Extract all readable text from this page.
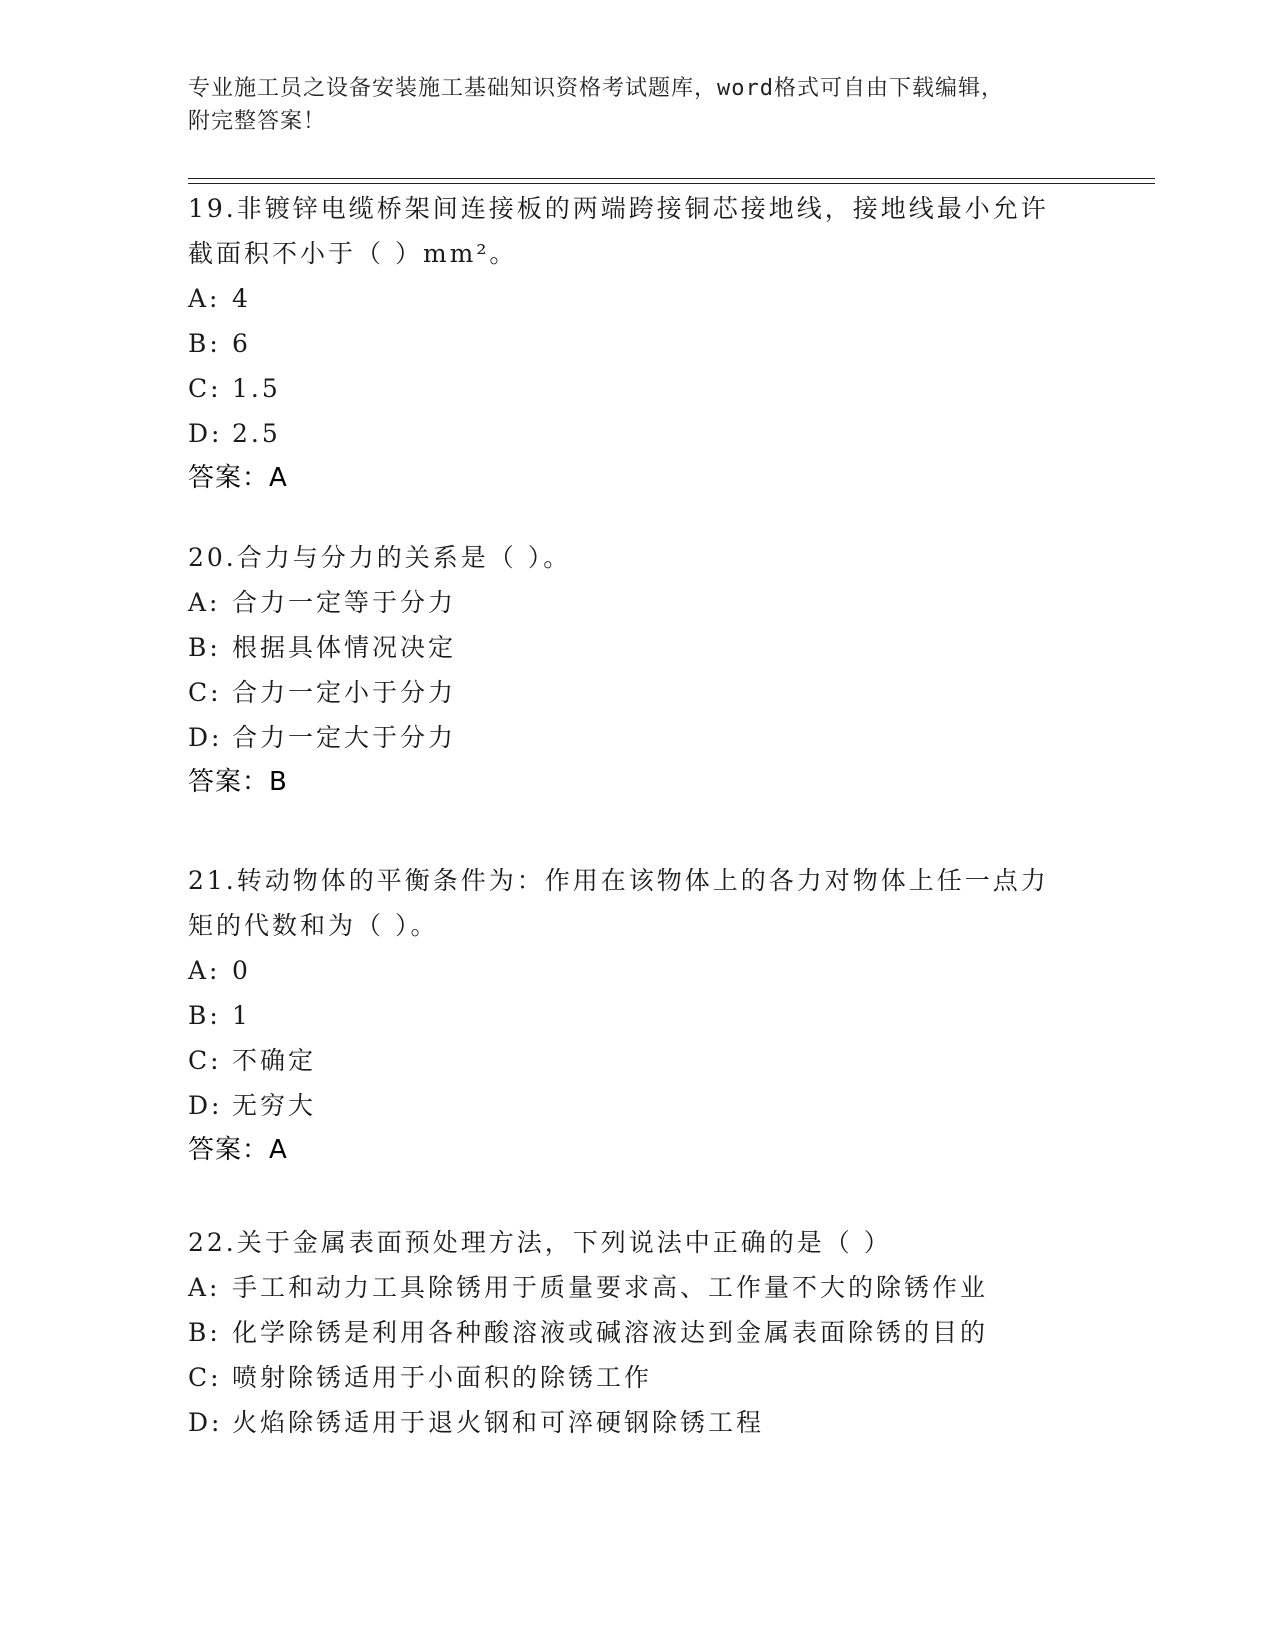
专业施工员之设备安装施工基础知识资格考试题库，word格式可自由下载编辑，
附完整答案！
19.非镀锌电缆桥架间连接板的两端跨接铜芯接地线，接地线最小允许
截面积不小于（ ）mm²。
A: 4
B: 6
C: 1.5
D: 2.5
答案：A
20.合力与分力的关系是（ ）。
A: 合力一定等于分力
B: 根据具体情况决定
C: 合力一定小于分力
D: 合力一定大于分力
答案：B
21.转动物体的平衡条件为：作用在该物体上的各力对物体上任一点力
矩的代数和为（ ）。
A: 0
B: 1
C: 不确定
D: 无穷大
答案：A
22.关于金属表面预处理方法，下列说法中正确的是（ ）
A: 手工和动力工具除锈用于质量要求高、工作量不大的除锈作业
B: 化学除锈是利用各种酸溶液或碱溶液达到金属表面除锈的目的
C: 喷射除锈适用于小面积的除锈工作
D: 火焰除锈适用于退火钢和可淬硬钢除锈工程
